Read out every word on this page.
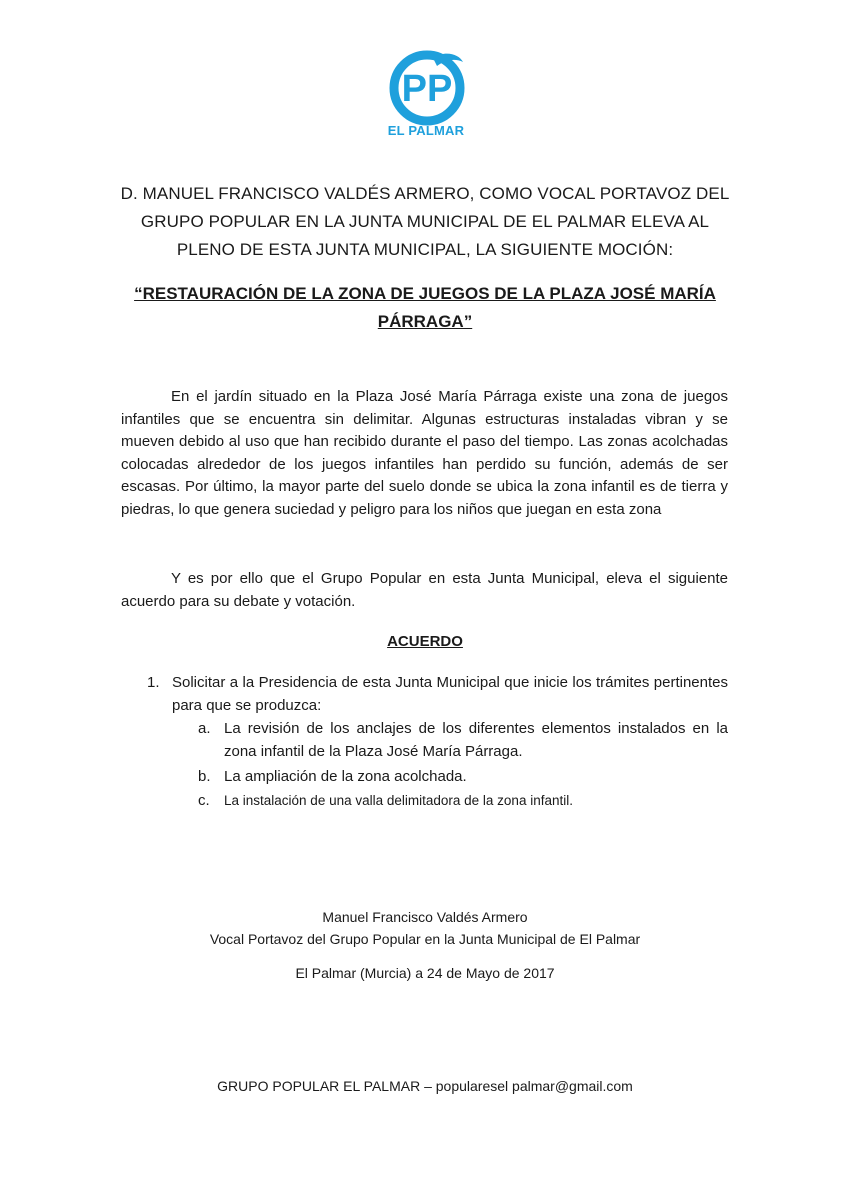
PP
EL PALMAR
D. MANUEL FRANCISCO VALDÉS ARMERO, COMO VOCAL PORTAVOZ DEL
GRUPO POPULAR EN LA JUNTA MUNICIPAL DE EL PALMAR ELEVA AL
PLENO DE ESTA JUNTA MUNICIPAL, LA SIGUIENTE MOCIÓN:
“RESTAURACIÓN DE LA ZONA DE JUEGOS DE LA PLAZA JOSÉ MARÍA
PÁRRAGA”

En el jardín situado en la Plaza José María Párraga existe una zona de juegos infantiles que se encuentra sin delimitar. Algunas estructuras instaladas vibran y se mueven debido al uso que han recibido durante el paso del tiempo. Las zonas acolchadas colocadas alrededor de los juegos infantiles han perdido su función, además de ser escasas. Por último, la mayor parte del suelo donde se ubica la zona infantil es de tierra y piedras, lo que genera suciedad y peligro para los niños que juegan en esta zona

Y es por ello que el Grupo Popular en esta Junta Municipal, eleva el siguiente acuerdo para su debate y votación.

ACUERDO
1. Solicitar a la Presidencia de esta Junta Municipal que inicie los trámites pertinentes para que se produzca:
a. La revisión de los anclajes de los diferentes elementos instalados en la zona infantil de la Plaza José María Párraga.
b. La ampliación de la zona acolchada.
c. La instalación de una valla delimitadora de la zona infantil.
Manuel Francisco Valdés Armero
Vocal Portavoz del Grupo Popular en la Junta Municipal de El Palmar
El Palmar (Murcia) a 24 de Mayo de 2017
GRUPO POPULAR EL PALMAR – popularesel palmar@gmail.com
